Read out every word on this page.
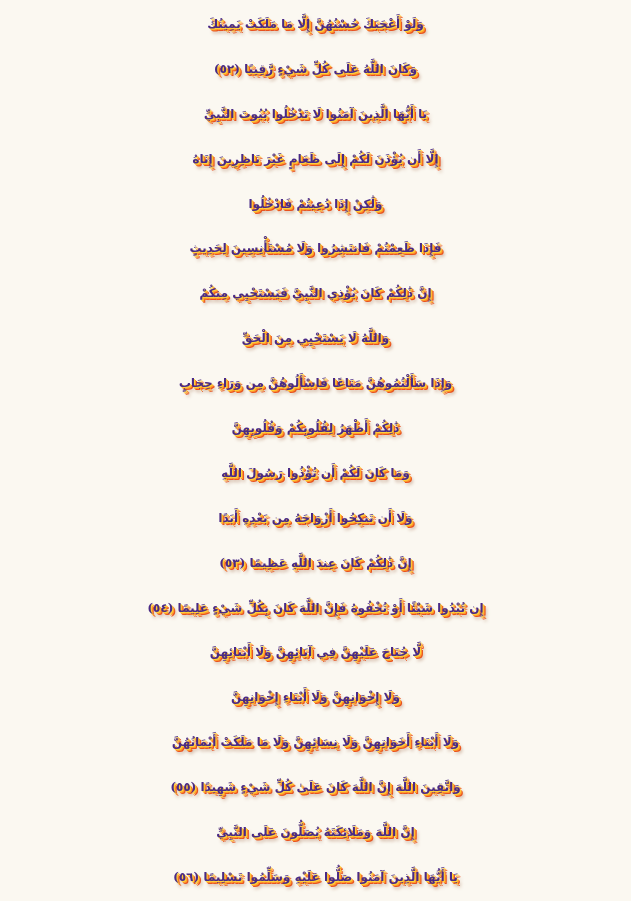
وَلَوْ أَعْجَبَكَ حُسْنُهُنَّ إِلَّا مَا مَلَكَتْ يَمِينُكَ
وَكَانَ اللَّهُ عَلَى كُلِّ شَيْءٍ رَّقِيبًا (٥٢)
يَا أَيُّهَا الَّذِينَ آمَنُوا لَا تَدْخُلُوا بُيُوتَ النَّبِيِّ
إِلَّا أَن يُؤْذَنَ لَكُمْ إِلَى طَعَامٍ غَيْرَ نَاظِرِينَ إِنَاهُ
وَلَٰكِنْ إِذَا دُعِيتُمْ فَادْخُلُوا
فَإِذَا طَعِمْتُمْ فَانتَشِرُوا وَلَا مُسْتَأْنِسِينَ لِحَدِيثٍ
إِنَّ ذَٰلِكُمْ كَانَ يُؤْذِي النَّبِيَّ فَيَسْتَحْيِي مِنكُمْ
وَاللَّهُ لَا يَسْتَحْيِي مِنَ الْحَقِّ
وَإِذَا سَأَلْتُمُوهُنَّ مَتَاعًا فَاسْأَلُوهُنَّ مِن وَرَاءِ حِجَابٍ
ذَٰلِكُمْ أَطْهَرُ لِقُلُوبِكُمْ وَقُلُوبِهِنَّ
وَمَا كَانَ لَكُمْ أَن تُؤْذُوا رَسُولَ اللَّهِ
وَلَا أَن تَنكِحُوا أَزْوَاجَهُ مِن بَعْدِهِ أَبَدًا
إِنَّ ذَٰلِكُمْ كَانَ عِندَ اللَّهِ عَظِيمًا (٥٣)
إِن تُبْدُوا شَيْئًا أَوْ تُخْفُوهُ فَإِنَّ اللَّهَ كَانَ بِكُلِّ شَيْءٍ عَلِيمًا (٥٤)
لَّا جُنَاحَ عَلَيْهِنَّ فِي آبَائِهِنَّ وَلَا أَبْنَائِهِنَّ
وَلَا إِخْوَانِهِنَّ وَلَا أَبْنَاءِ إِخْوَانِهِنَّ
وَلَا أَبْنَاءِ أَخَوَاتِهِنَّ وَلَا نِسَائِهِنَّ وَلَا مَا مَلَكَتْ أَيْمَانُهُنَّ
وَاتَّقِينَ اللَّهَ إِنَّ اللَّهَ كَانَ عَلَىٰ كُلِّ شَيْءٍ شَهِيدًا (٥٥)
إِنَّ اللَّهَ وَمَلَائِكَتَهُ يُصَلُّونَ عَلَى النَّبِيِّ
يَا أَيُّهَا الَّذِينَ آمَنُوا صَلُّوا عَلَيْهِ وَسَلِّمُوا تَسْلِيمًا (٥٦)
